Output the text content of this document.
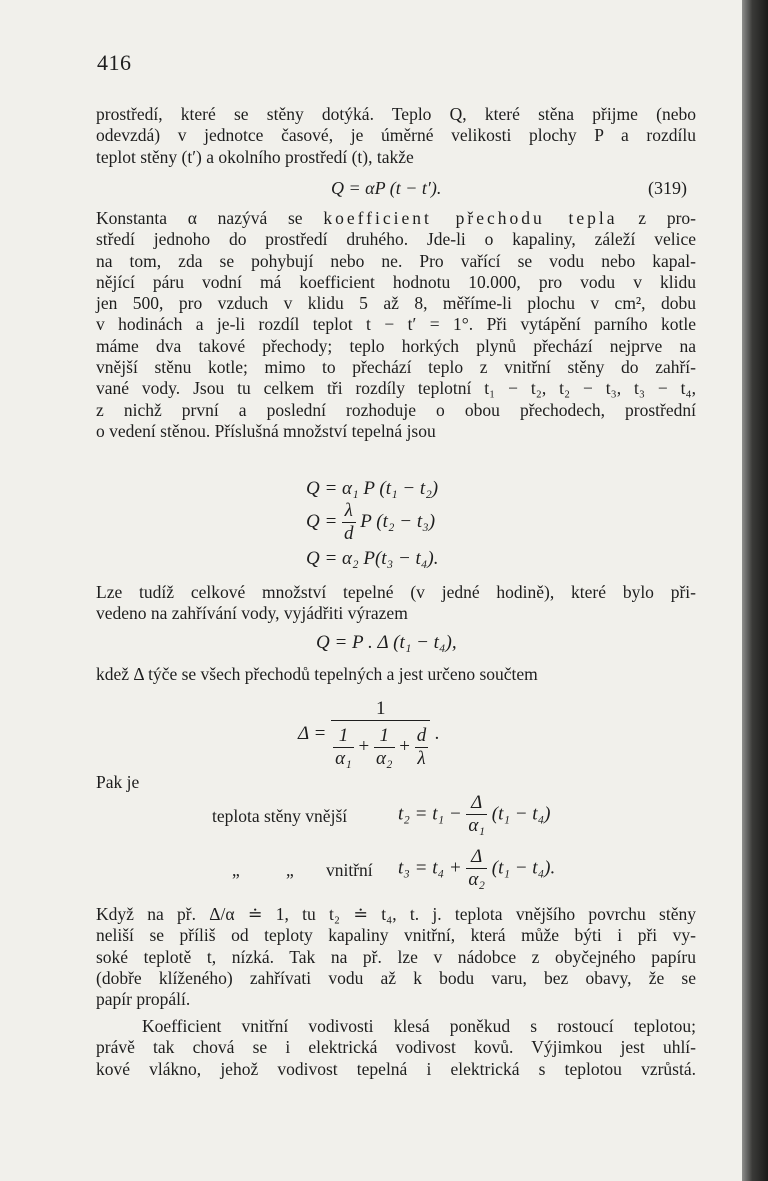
416
prostředí, které se stěny dotýká. Teplo Q, které stěna přijme (nebo
odevzdá) v jednotce časové, je úměrné velikosti plochy P a rozdílu
teplot stěny (t′) a okolního prostředí (t), takže
Q = αP (t − t′).	(319)
Konstanta α nazývá se koefficient přechodu tepla z pro-
středí jednoho do prostředí druhého. Jde-li o kapaliny, záleží velice
na tom, zda se pohybují nebo ne. Pro vařící se vodu nebo kapal-
nějící páru vodní má koefficient hodnotu 10.000, pro vodu v klidu
jen 500, pro vzduch v klidu 5 až 8, měříme-li plochu v cm², dobu
v hodinách a je-li rozdíl teplot t − t′ = 1°. Při vytápění parního kotle
máme dva takové přechody; teplo horkých plynů přechází nejprve na
vnější stěnu kotle; mimo to přechází teplo z vnitřní stěny do zahří-
vané vody. Jsou tu celkem tři rozdíly teplotní t₁ − t₂, t₂ − t₃, t₃ − t₄,
z nichž první a poslední rozhoduje o obou přechodech, prostřední
o vedení stěnou. Příslušná množství tepelná jsou
Q = α₁ P (t₁ − t₂)
$Q = \frac{\lambda}{d}$ P (t₂ − t₃)
Q = α₂ P(t₃ − t₄).
Lze tudíž celkové množství tepelné (v jedné hodině), které bylo při-
vedeno na zahřívání vody, vyjádřiti výrazem
Q = P . Δ (t₁ − t₄),
kdež Δ týče se všech přechodů tepelných a jest určeno součtem
$\Delta = \frac{1}{\frac{1}{\text{α₁}} + \frac{1}{\text{α₂}} + \frac{d}{\lambda}}$ .
Pak je
teplota stěny vnější	$t_2 = t_1 - \frac{\Delta}{\text{α₁}} (t_1 - t_4)$
„	„ vnitřní $t_3 = t_4 + \frac{\Delta}{\text{α₂}} (t_1 - t_4)$.
Když na př. Δ/α ≐ 1, tu t₂ ≐ t₄, t. j. teplota vnějšího povrchu stěny
neliší se příliš od teploty kapaliny vnitřní, která může býti i při vy-
soké teplotě t, nízká. Tak na př. lze v nádobce z obyčejného papíru
(dobře klíženého) zahřívati vodu až k bodu varu, bez obavy, že se
papír propálí.
Koefficient vnitřní vodivosti klesá poněkud s rostoucí teplotou;
právě tak chová se i elektrická vodivost kovů. Výjimkou jest uhlí-
kové vlákno, jehož vodivost tepelná i elektrická s teplotou vzrůstá.
